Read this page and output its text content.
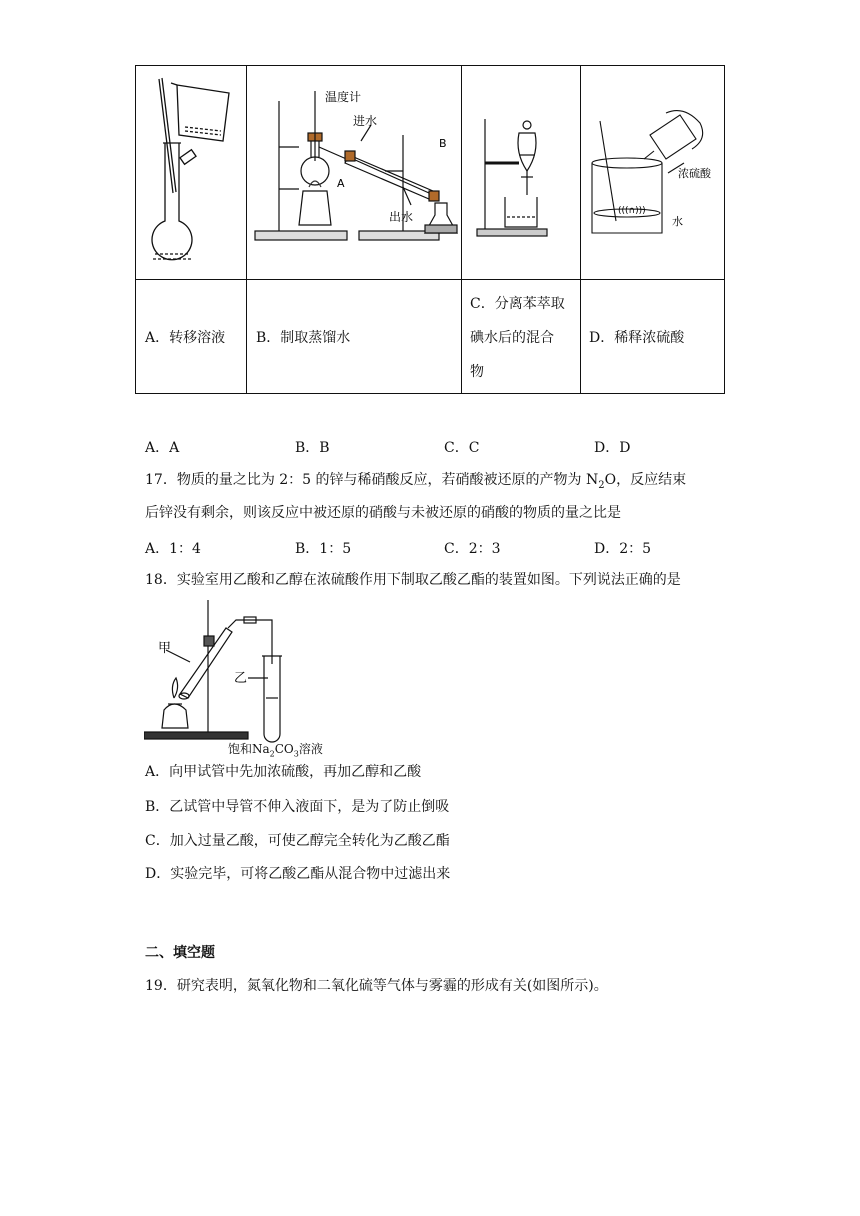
温度计
进水
出水
A
B
(((∩)))
浓硫酸
水
A．转移溶液 B．制取蒸馏水
C．分离苯萃取
碘水后的混合
物
D．稀释浓硫酸
A．A	B．B	C．C	D．D
17．物质的量之比为 2：5 的锌与稀硝酸反应，若硝酸被还原的产物为 $N_2O$，反应结束
后锌没有剩余，则该反应中被还原的硝酸与未被还原的硝酸的物质的量之比是
A．1：4	B．1：5	C．2：3	D．2：5
18．实验室用乙酸和乙醇在浓硫酸作用下制取乙酸乙酯的装置如图。下列说法正确的是
甲
乙
饱和$Na_2CO_3$溶液
A．向甲试管中先加浓硫酸，再加乙醇和乙酸
B．乙试管中导管不伸入液面下，是为了防止倒吸
C．加入过量乙酸，可使乙醇完全转化为乙酸乙酯
D．实验完毕，可将乙酸乙酯从混合物中过滤出来
二、填空题
19．研究表明，氮氧化物和二氧化硫等气体与雾霾的形成有关(如图所示)。
